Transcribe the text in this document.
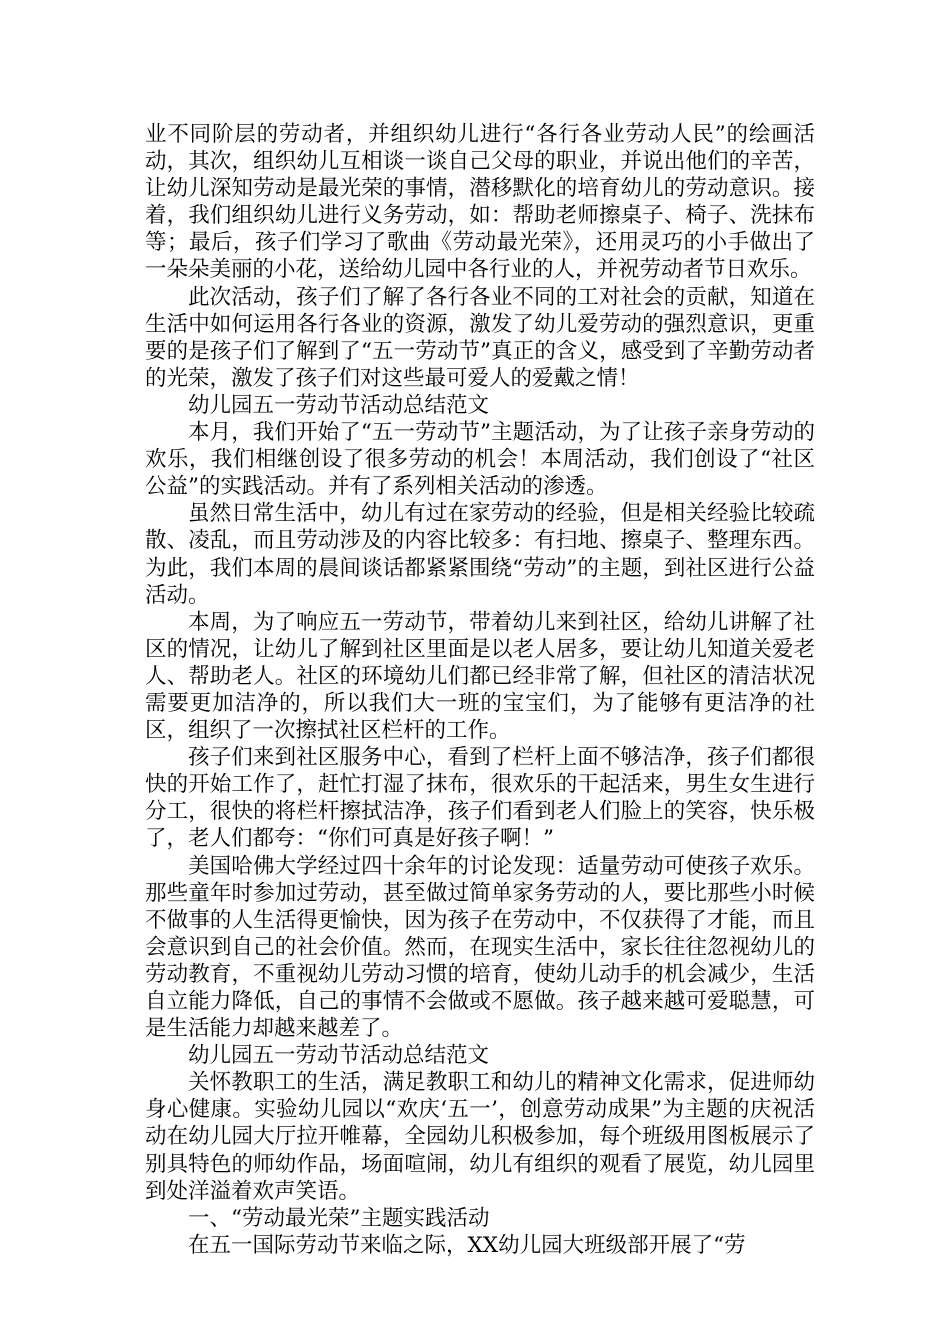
业不同阶层的劳动者，并组织幼儿进行“各行各业劳动人民”的绘画活动，其次，组织幼儿互相谈一谈自己父母的职业，并说出他们的辛苦，让幼儿深知劳动是最光荣的事情，潜移默化的培育幼儿的劳动意识。接着，我们组织幼儿进行义务劳动，如：帮助老师擦桌子、椅子、洗抹布等；最后，孩子们学习了歌曲《劳动最光荣》，还用灵巧的小手做出了一朵朵美丽的小花，送给幼儿园中各行业的人，并祝劳动者节日欢乐。

此次活动，孩子们了解了各行各业不同的工对社会的贡献，知道在生活中如何运用各行各业的资源，激发了幼儿爱劳动的强烈意识，更重要的是孩子们了解到了“五一劳动节”真正的含义，感受到了辛勤劳动者的光荣，激发了孩子们对这些最可爱人的爱戴之情！

幼儿园五一劳动节活动总结范文

本月，我们开始了“五一劳动节”主题活动，为了让孩子亲身劳动的欢乐，我们相继创设了很多劳动的机会！本周活动，我们创设了“社区公益”的实践活动。并有了系列相关活动的渗透。

虽然日常生活中，幼儿有过在家劳动的经验，但是相关经验比较疏散、凌乱，而且劳动涉及的内容比较多：有扫地、擦桌子、整理东西。为此，我们本周的晨间谈话都紧紧围绕“劳动”的主题，到社区进行公益活动。

本周，为了响应五一劳动节，带着幼儿来到社区，给幼儿讲解了社区的情况，让幼儿了解到社区里面是以老人居多，要让幼儿知道关爱老人、帮助老人。社区的环境幼儿们都已经非常了解，但社区的清洁状况需要更加洁净的，所以我们大一班的宝宝们，为了能够有更洁净的社区，组织了一次擦拭社区栏杆的工作。

孩子们来到社区服务中心，看到了栏杆上面不够洁净，孩子们都很快的开始工作了，赶忙打湿了抹布，很欢乐的干起活来，男生女生进行分工，很快的将栏杆擦拭洁净，孩子们看到老人们脸上的笑容，快乐极了，老人们都夸：“你们可真是好孩子啊！”

美国哈佛大学经过四十余年的讨论发现：适量劳动可使孩子欢乐。那些童年时参加过劳动，甚至做过简单家务劳动的人，要比那些小时候不做事的人生活得更愉快，因为孩子在劳动中，不仅获得了才能，而且会意识到自己的社会价值。然而，在现实生活中，家长往往忽视幼儿的劳动教育，不重视幼儿劳动习惯的培育，使幼儿动手的机会减少，生活自立能力降低，自己的事情不会做或不愿做。孩子越来越可爱聪慧，可是生活能力却越来越差了。

幼儿园五一劳动节活动总结范文

关怀教职工的生活，满足教职工和幼儿的精神文化需求，促进师幼身心健康。实验幼儿园以“欢庆‘五一’，创意劳动成果”为主题的庆祝活动在幼儿园大厅拉开帷幕，全园幼儿积极参加，每个班级用图板展示了别具特色的师幼作品，场面喧闹，幼儿有组织的观看了展览，幼儿园里到处洋溢着欢声笑语。

一、“劳动最光荣”主题实践活动

在五一国际劳动节来临之际，XX幼儿园大班级部开展了“劳
